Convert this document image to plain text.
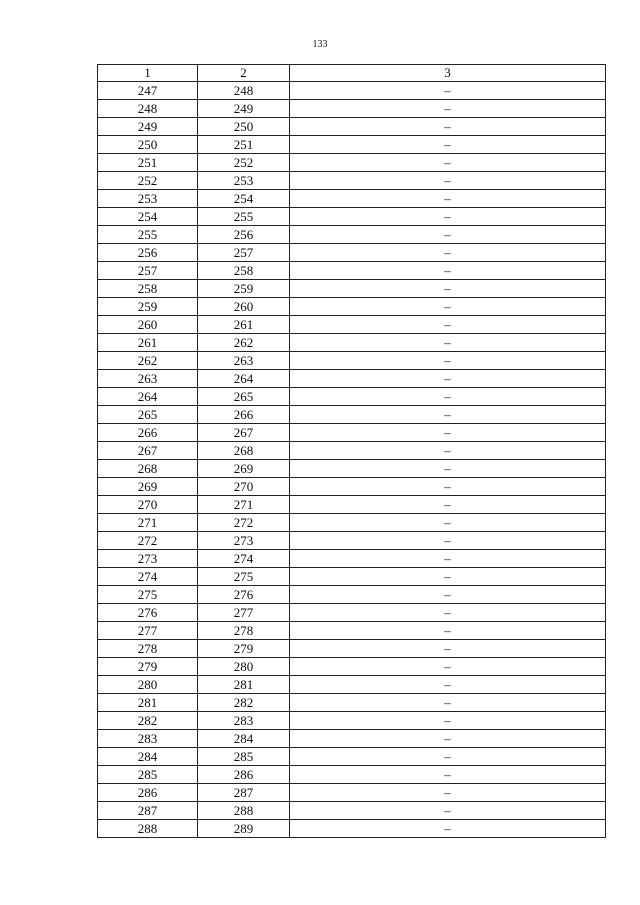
133
1	2	3
247	248	–
248	249	–
249	250	–
250	251	–
251	252	–
252	253	–
253	254	–
254	255	–
255	256	–
256	257	–
257	258	–
258	259	–
259	260	–
260	261	–
261	262	–
262	263	–
263	264	–
264	265	–
265	266	–
266	267	–
267	268	–
268	269	–
269	270	–
270	271	–
271	272	–
272	273	–
273	274	–
274	275	–
275	276	–
276	277	–
277	278	–
278	279	–
279	280	–
280	281	–
281	282	–
282	283	–
283	284	–
284	285	–
285	286	–
286	287	–
287	288	–
288	289	–
